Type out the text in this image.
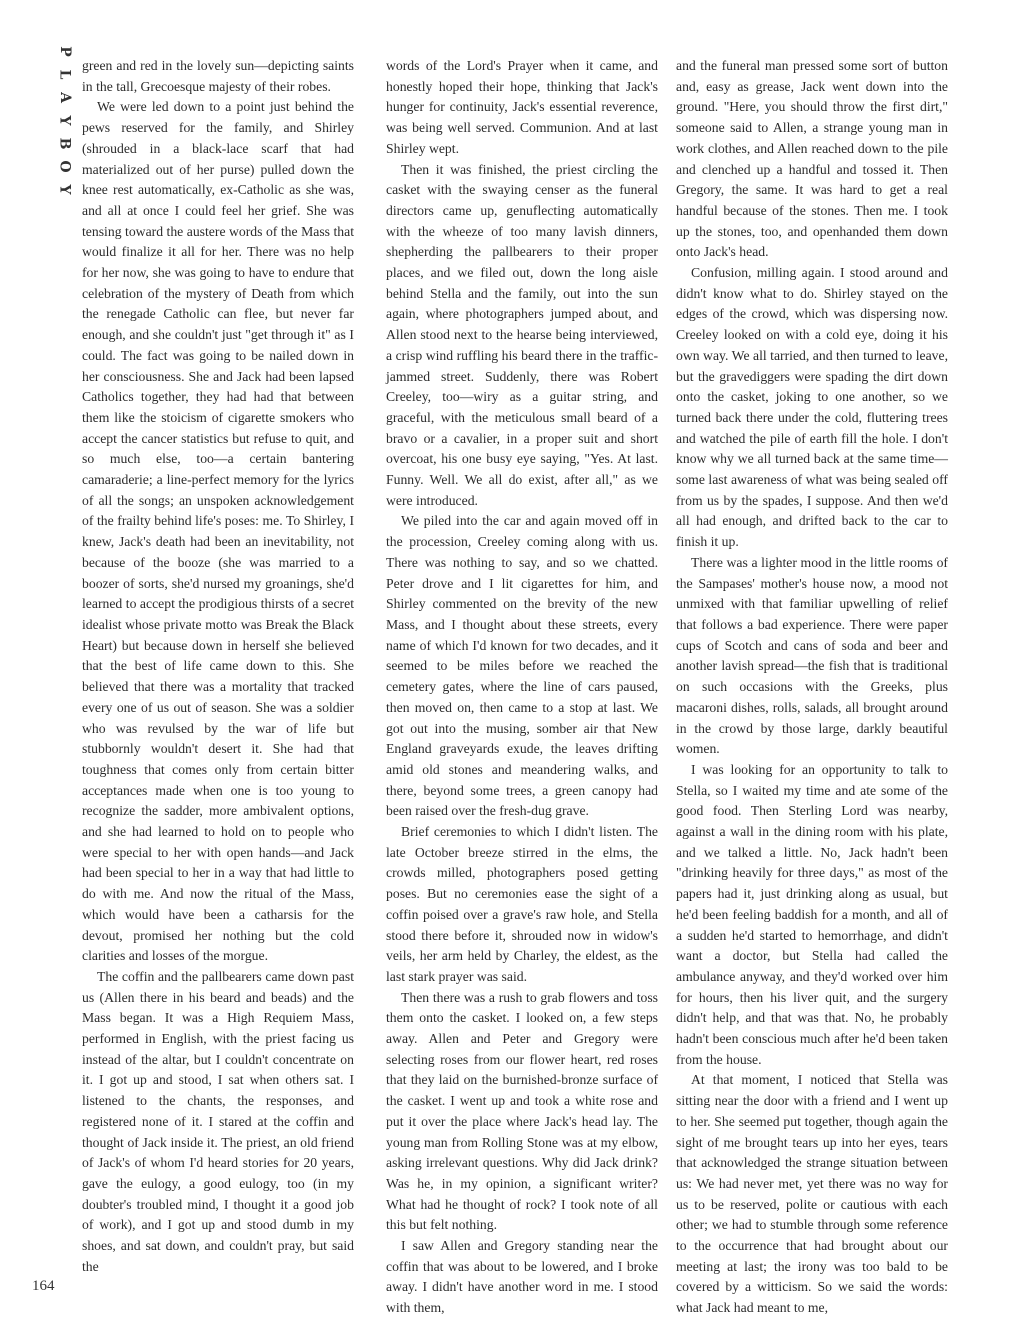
P
L
A
Y
B
O
Y

green and red in the lovely sun—depicting saints in the tall, Grecoesque majesty of their robes.

We were led down to a point just behind the pews reserved for the family, and Shirley (shrouded in a black-lace scarf that had materialized out of her purse) pulled down the knee rest automatically, ex-Catholic as she was, and all at once I could feel her grief. She was tensing toward the austere words of the Mass that would finalize it all for her. There was no help for her now, she was going to have to endure that celebration of the mystery of Death from which the renegade Catholic can flee, but never far enough, and she couldn't just "get through it" as I could. The fact was going to be nailed down in her consciousness. She and Jack had been lapsed Catholics together, they had had that between them like the stoicism of cigarette smokers who accept the cancer statistics but refuse to quit, and so much else, too—a certain bantering camaraderie; a line-perfect memory for the lyrics of all the songs; an unspoken acknowledgement of the frailty behind life's poses: me. To Shirley, I knew, Jack's death had been an inevitability, not because of the booze (she was married to a boozer of sorts, she'd nursed my groanings, she'd learned to accept the prodigious thirsts of a secret idealist whose private motto was Break the Black Heart) but because down in herself she believed that the best of life came down to this. She believed that there was a mortality that tracked every one of us out of season. She was a soldier who was revulsed by the war of life but stubbornly wouldn't desert it. She had that toughness that comes only from certain bitter acceptances made when one is too young to recognize the sadder, more ambivalent options, and she had learned to hold on to people who were special to her with open hands—and Jack had been special to her in a way that had little to do with me. And now the ritual of the Mass, which would have been a catharsis for the devout, promised her nothing but the cold clarities and losses of the morgue.

The coffin and the pallbearers came down past us (Allen there in his beard and beads) and the Mass began. It was a High Requiem Mass, performed in English, with the priest facing us instead of the altar, but I couldn't concentrate on it. I got up and stood, I sat when others sat. I listened to the chants, the responses, and registered none of it. I stared at the coffin and thought of Jack inside it. The priest, an old friend of Jack's of whom I'd heard stories for 20 years, gave the eulogy, a good eulogy, too (in my doubter's troubled mind, I thought it a good job of work), and I got up and stood dumb in my shoes, and sat down, and couldn't pray, but said the

words of the Lord's Prayer when it came, and honestly hoped their hope, thinking that Jack's hunger for continuity, Jack's essential reverence, was being well served. Communion. And at last Shirley wept.

Then it was finished, the priest circling the casket with the swaying censer as the funeral directors came up, genuflecting automatically with the wheeze of too many lavish dinners, shepherding the pallbearers to their proper places, and we filed out, down the long aisle behind Stella and the family, out into the sun again, where photographers jumped about, and Allen stood next to the hearse being interviewed, a crisp wind ruffling his beard there in the traffic-jammed street. Suddenly, there was Robert Creeley, too—wiry as a guitar string, and graceful, with the meticulous small beard of a bravo or a cavalier, in a proper suit and short overcoat, his one busy eye saying, "Yes. At last. Funny. Well. We all do exist, after all," as we were introduced.

We piled into the car and again moved off in the procession, Creeley coming along with us. There was nothing to say, and so we chatted. Peter drove and I lit cigarettes for him, and Shirley commented on the brevity of the new Mass, and I thought about these streets, every name of which I'd known for two decades, and it seemed to be miles before we reached the cemetery gates, where the line of cars paused, then moved on, then came to a stop at last. We got out into the musing, somber air that New England graveyards exude, the leaves drifting amid old stones and meandering walks, and there, beyond some trees, a green canopy had been raised over the fresh-dug grave.

Brief ceremonies to which I didn't listen. The late October breeze stirred in the elms, the crowds milled, photographers posed getting poses. But no ceremonies ease the sight of a coffin poised over a grave's raw hole, and Stella stood there before it, shrouded now in widow's veils, her arm held by Charley, the eldest, as the last stark prayer was said.

Then there was a rush to grab flowers and toss them onto the casket. I looked on, a few steps away. Allen and Peter and Gregory were selecting roses from our flower heart, red roses that they laid on the burnished-bronze surface of the casket. I went up and took a white rose and put it over the place where Jack's head lay. The young man from Rolling Stone was at my elbow, asking irrelevant questions. Why did Jack drink? Was he, in my opinion, a significant writer? What had he thought of rock? I took note of all this but felt nothing.

I saw Allen and Gregory standing near the coffin that was about to be lowered, and I broke away. I didn't have another word in me. I stood with them,

and the funeral man pressed some sort of button and, easy as grease, Jack went down into the ground. "Here, you should throw the first dirt," someone said to Allen, a strange young man in work clothes, and Allen reached down to the pile and clenched up a handful and tossed it. Then Gregory, the same. It was hard to get a real handful because of the stones. Then me. I took up the stones, too, and openhanded them down onto Jack's head.

Confusion, milling again. I stood around and didn't know what to do. Shirley stayed on the edges of the crowd, which was dispersing now. Creeley looked on with a cold eye, doing it his own way. We all tarried, and then turned to leave, but the gravediggers were spading the dirt down onto the casket, joking to one another, so we turned back there under the cold, fluttering trees and watched the pile of earth fill the hole. I don't know why we all turned back at the same time—some last awareness of what was being sealed off from us by the spades, I suppose. And then we'd all had enough, and drifted back to the car to finish it up.

There was a lighter mood in the little rooms of the Sampases' mother's house now, a mood not unmixed with that familiar upwelling of relief that follows a bad experience. There were paper cups of Scotch and cans of soda and beer and another lavish spread—the fish that is traditional on such occasions with the Greeks, plus macaroni dishes, rolls, salads, all brought around in the crowd by those large, darkly beautiful women.

I was looking for an opportunity to talk to Stella, so I waited my time and ate some of the good food. Then Sterling Lord was nearby, against a wall in the dining room with his plate, and we talked a little. No, Jack hadn't been "drinking heavily for three days," as most of the papers had it, just drinking along as usual, but he'd been feeling baddish for a month, and all of a sudden he'd started to hemorrhage, and didn't want a doctor, but Stella had called the ambulance anyway, and they'd worked over him for hours, then his liver quit, and the surgery didn't help, and that was that. No, he probably hadn't been conscious much after he'd been taken from the house.

At that moment, I noticed that Stella was sitting near the door with a friend and I went up to her. She seemed put together, though again the sight of me brought tears up into her eyes, tears that acknowledged the strange situation between us: We had never met, yet there was no way for us to be reserved, polite or cautious with each other; we had to stumble through some reference to the occurrence that had brought about our meeting at last; the irony was too bald to be covered by a witticism. So we said the words: what Jack had meant to me,

164
